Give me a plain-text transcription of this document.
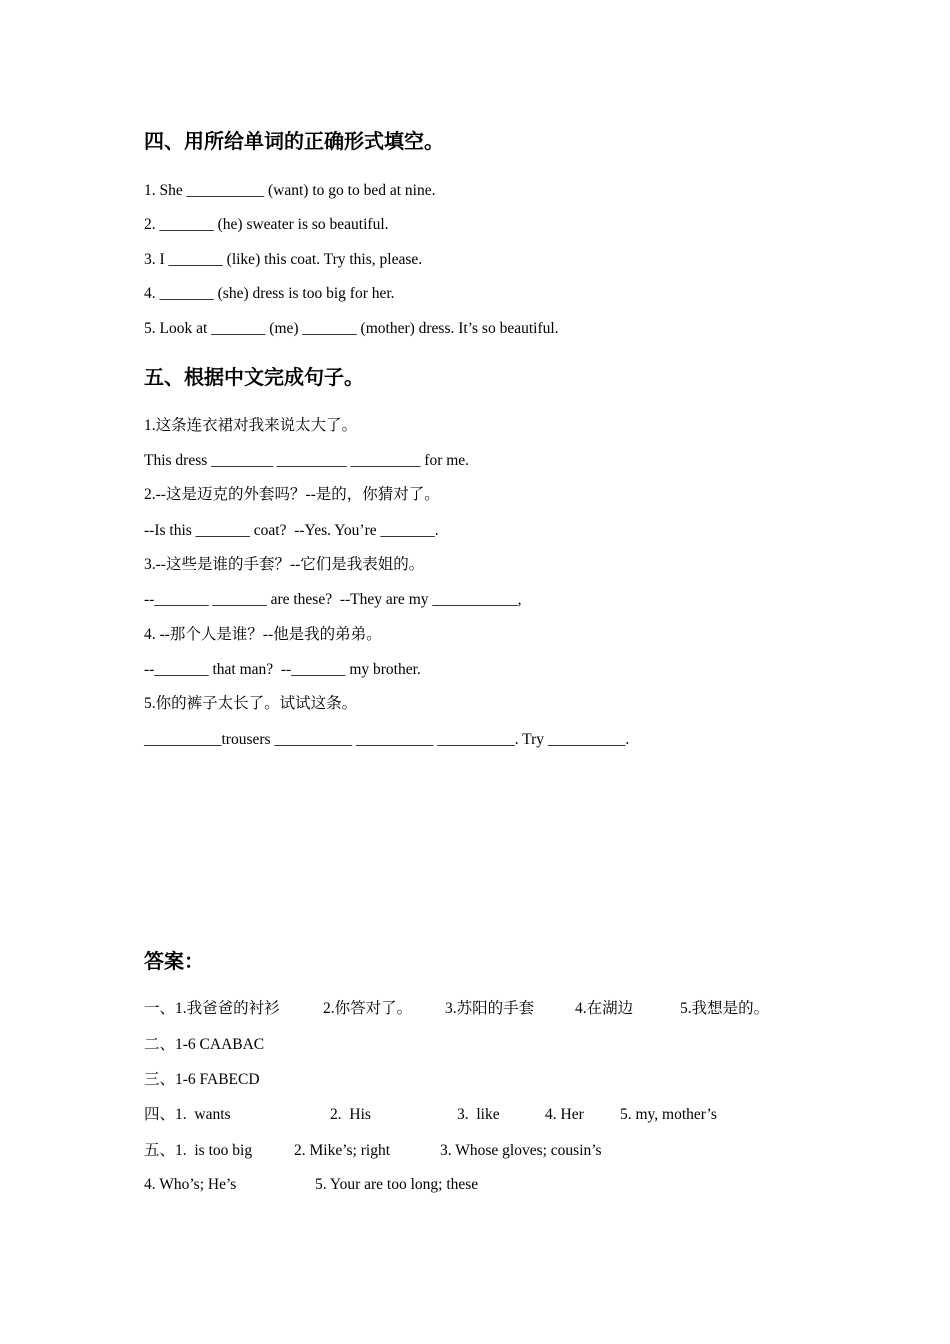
四、用所给单词的正确形式填空。
1. She __________ (want) to go to bed at nine.
2. _______ (he) sweater is so beautiful.
3. I _______ (like) this coat. Try this, please.
4. _______ (she) dress is too big for her.
5. Look at _______ (me) _______ (mother) dress. It’s so beautiful.
五、根据中文完成句子。
1.这条连衣裙对我来说太大了。
This dress ________ _________ _________ for me.
2.--这是迈克的外套吗？--是的，你猜对了。
--Is this _______ coat?  --Yes. You’re _______.
3.--这些是谁的手套？--它们是我表姐的。
--_______ _______ are these?  --They are my ___________,
4. --那个人是谁？--他是我的弟弟。
--_______ that man?  --_______ my brother.
5.你的裤子太长了。试试这条。
__________trousers __________ __________ __________. Try __________.
答案：
一、1.我爸爸的衬衫	2.你答对了。 3.苏阳的手套	4.在湖边	5.我想是的。
二、1-6 CAABAC
三、1-6 FABECD
四、1.  wants	2.  His	3.  like	4. Her 5. my, mother’s
五、1.  is too big	2. Mike’s; right	3. Whose gloves; cousin’s
4. Who’s; He’s	5. Your are too long; these
